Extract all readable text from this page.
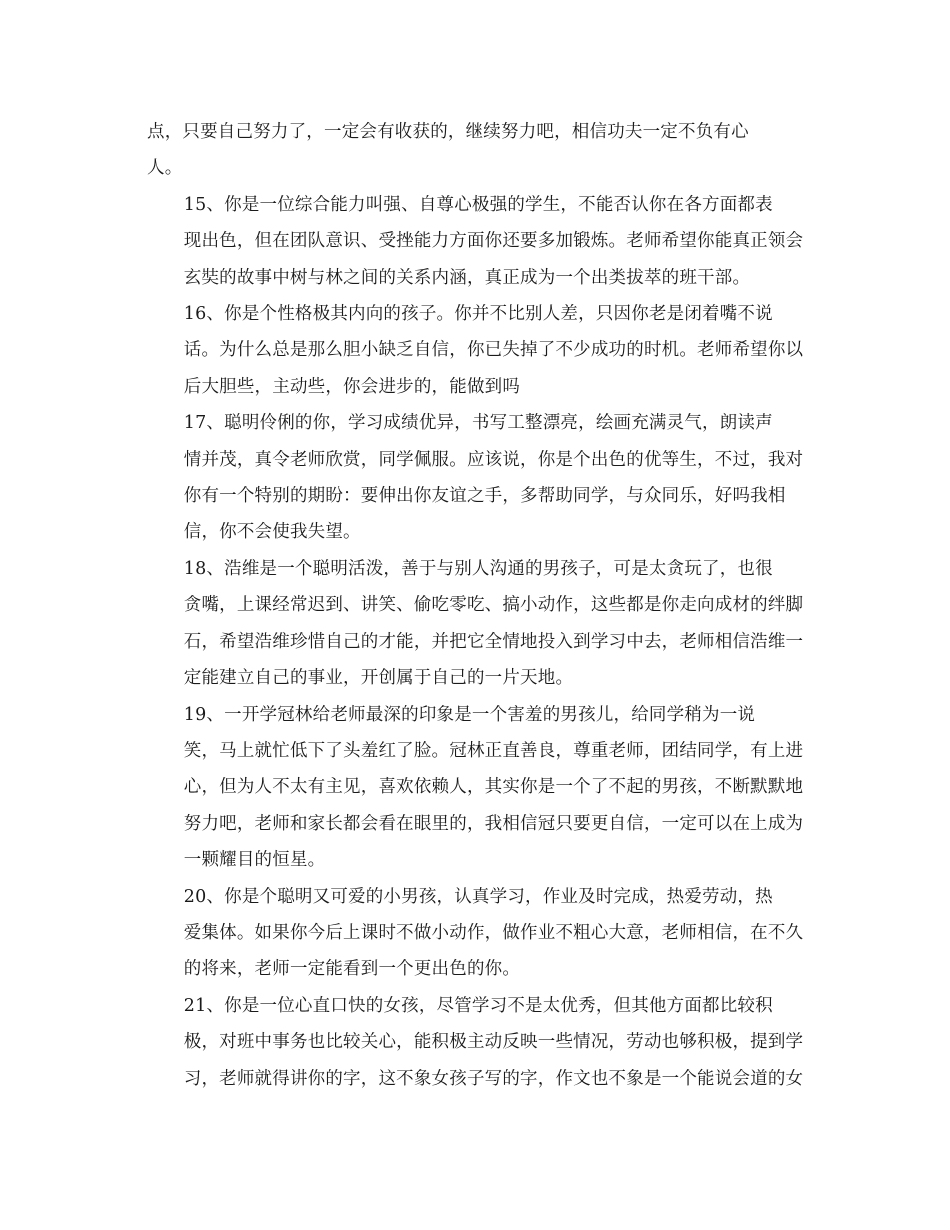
点，只要自己努力了，一定会有收获的，继续努力吧，相信功夫一定不负有心
人。

15、你是一位综合能力叫强、自尊心极强的学生，不能否认你在各方面都表
现出色，但在团队意识、受挫能力方面你还要多加锻炼。老师希望你能真正领会
玄奘的故事中树与林之间的关系内涵，真正成为一个出类拔萃的班干部。

16、你是个性格极其内向的孩子。你并不比别人差，只因你老是闭着嘴不说
话。为什么总是那么胆小缺乏自信，你已失掉了不少成功的时机。老师希望你以
后大胆些，主动些，你会进步的，能做到吗

17、聪明伶俐的你，学习成绩优异，书写工整漂亮，绘画充满灵气，朗读声
情并茂，真令老师欣赏，同学佩服。应该说，你是个出色的优等生，不过，我对
你有一个特别的期盼：要伸出你友谊之手，多帮助同学，与众同乐，好吗我相
信，你不会使我失望。

18、浩维是一个聪明活泼，善于与别人沟通的男孩子，可是太贪玩了，也很
贪嘴，上课经常迟到、讲笑、偷吃零吃、搞小动作，这些都是你走向成材的绊脚
石，希望浩维珍惜自己的才能，并把它全情地投入到学习中去，老师相信浩维一
定能建立自己的事业，开创属于自己的一片天地。

19、一开学冠林给老师最深的印象是一个害羞的男孩儿，给同学稍为一说
笑，马上就忙低下了头羞红了脸。冠林正直善良，尊重老师，团结同学，有上进
心，但为人不太有主见，喜欢依赖人，其实你是一个了不起的男孩，不断默默地
努力吧，老师和家长都会看在眼里的，我相信冠只要更自信，一定可以在上成为
一颗耀目的恒星。

20、你是个聪明又可爱的小男孩，认真学习，作业及时完成，热爱劳动，热
爱集体。如果你今后上课时不做小动作，做作业不粗心大意，老师相信，在不久
的将来，老师一定能看到一个更出色的你。

21、你是一位心直口快的女孩，尽管学习不是太优秀，但其他方面都比较积
极，对班中事务也比较关心，能积极主动反映一些情况，劳动也够积极，提到学
习，老师就得讲你的字，这不象女孩子写的字，作文也不象是一个能说会道的女
